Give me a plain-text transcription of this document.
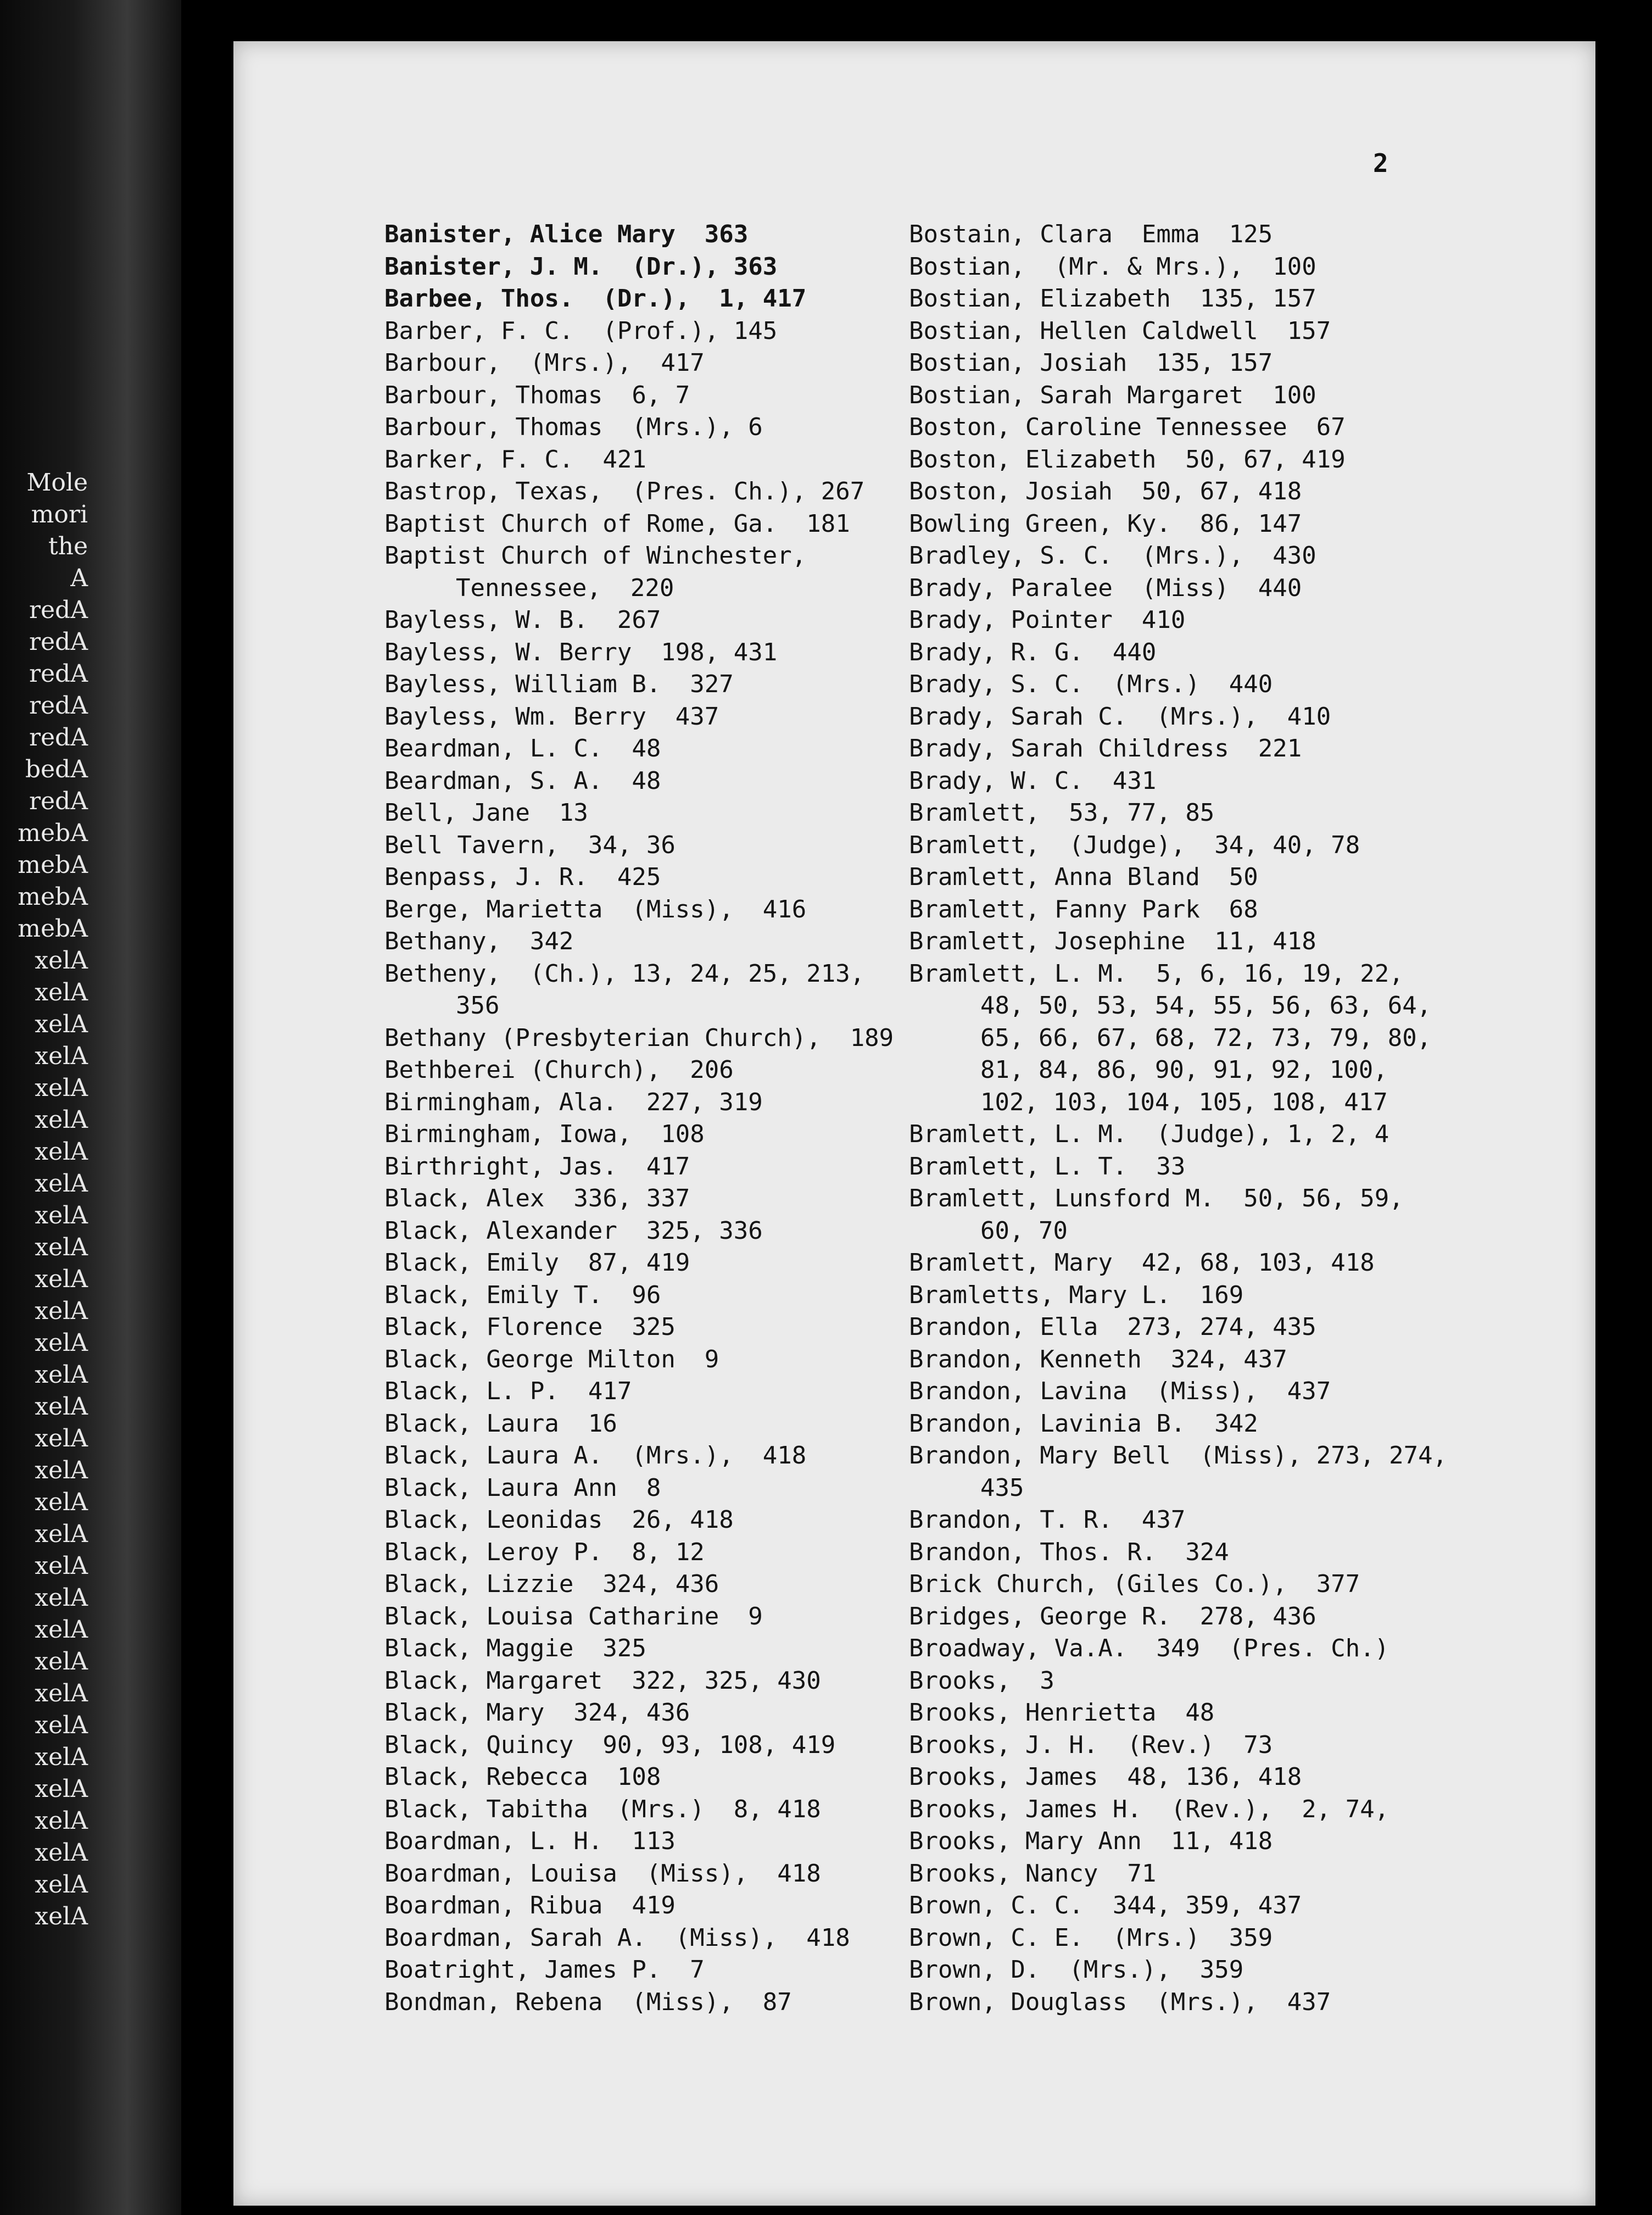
Mole
mori
the
A
redA
redA
redA
redA
redA
bedA
redA
mebA
mebA
mebA
mebA
xelA
xelA
xelA
xelA
xelA
xelA
xelA
xelA
xelA
xelA
xelA
xelA
xelA
xelA
xelA
xelA
xelA
xelA
xelA
xelA
xelA
xelA
xelA
xelA
xelA
xelA
xelA
xelA
xelA
xelA
xelA
2
Banister, Alice Mary  363
Banister, J. M.  (Dr.), 363
Barbee, Thos.  (Dr.),  1, 417
Barber, F. C.  (Prof.), 145
Barbour,  (Mrs.),  417
Barbour, Thomas  6, 7
Barbour, Thomas  (Mrs.), 6
Barker, F. C.  421
Bastrop, Texas,  (Pres. Ch.), 267
Baptist Church of Rome, Ga.  181
Baptist Church of Winchester,
Tennessee,  220
Bayless, W. B.  267
Bayless, W. Berry  198, 431
Bayless, William B.  327
Bayless, Wm. Berry  437
Beardman, L. C.  48
Beardman, S. A.  48
Bell, Jane  13
Bell Tavern,  34, 36
Benpass, J. R.  425
Berge, Marietta  (Miss),  416
Bethany,  342
Betheny,  (Ch.), 13, 24, 25, 213,
356
Bethany (Presbyterian Church),  189
Bethberei (Church),  206
Birmingham, Ala.  227, 319
Birmingham, Iowa,  108
Birthright, Jas.  417
Black, Alex  336, 337
Black, Alexander  325, 336
Black, Emily  87, 419
Black, Emily T.  96
Black, Florence  325
Black, George Milton  9
Black, L. P.  417
Black, Laura  16
Black, Laura A.  (Mrs.),  418
Black, Laura Ann  8
Black, Leonidas  26, 418
Black, Leroy P.  8, 12
Black, Lizzie  324, 436
Black, Louisa Catharine  9
Black, Maggie  325
Black, Margaret  322, 325, 430
Black, Mary  324, 436
Black, Quincy  90, 93, 108, 419
Black, Rebecca  108
Black, Tabitha  (Mrs.)  8, 418
Boardman, L. H.  113
Boardman, Louisa  (Miss),  418
Boardman, Ribua  419
Boardman, Sarah A.  (Miss),  418
Boatright, James P.  7
Bondman, Rebena  (Miss),  87
Bostain, Clara  Emma  125
Bostian,  (Mr. & Mrs.),  100
Bostian, Elizabeth  135, 157
Bostian, Hellen Caldwell  157
Bostian, Josiah  135, 157
Bostian, Sarah Margaret  100
Boston, Caroline Tennessee  67
Boston, Elizabeth  50, 67, 419
Boston, Josiah  50, 67, 418
Bowling Green, Ky.  86, 147
Bradley, S. C.  (Mrs.),  430
Brady, Paralee  (Miss)  440
Brady, Pointer  410
Brady, R. G.  440
Brady, S. C.  (Mrs.)  440
Brady, Sarah C.  (Mrs.),  410
Brady, Sarah Childress  221
Brady, W. C.  431
Bramlett,  53, 77, 85
Bramlett,  (Judge),  34, 40, 78
Bramlett, Anna Bland  50
Bramlett, Fanny Park  68
Bramlett, Josephine  11, 418
Bramlett, L. M.  5, 6, 16, 19, 22,
48, 50, 53, 54, 55, 56, 63, 64,
65, 66, 67, 68, 72, 73, 79, 80,
81, 84, 86, 90, 91, 92, 100,
102, 103, 104, 105, 108, 417
Bramlett, L. M.  (Judge), 1, 2, 4
Bramlett, L. T.  33
Bramlett, Lunsford M.  50, 56, 59,
60, 70
Bramlett, Mary  42, 68, 103, 418
Bramletts, Mary L.  169
Brandon, Ella  273, 274, 435
Brandon, Kenneth  324, 437
Brandon, Lavina  (Miss),  437
Brandon, Lavinia B.  342
Brandon, Mary Bell  (Miss), 273, 274,
435
Brandon, T. R.  437
Brandon, Thos. R.  324
Brick Church, (Giles Co.),  377
Bridges, George R.  278, 436
Broadway, Va.A.  349  (Pres. Ch.)
Brooks,  3
Brooks, Henrietta  48
Brooks, J. H.  (Rev.)  73
Brooks, James  48, 136, 418
Brooks, James H.  (Rev.),  2, 74,
Brooks, Mary Ann  11, 418
Brooks, Nancy  71
Brown, C. C.  344, 359, 437
Brown, C. E.  (Mrs.)  359
Brown, D.  (Mrs.),  359
Brown, Douglass  (Mrs.),  437
